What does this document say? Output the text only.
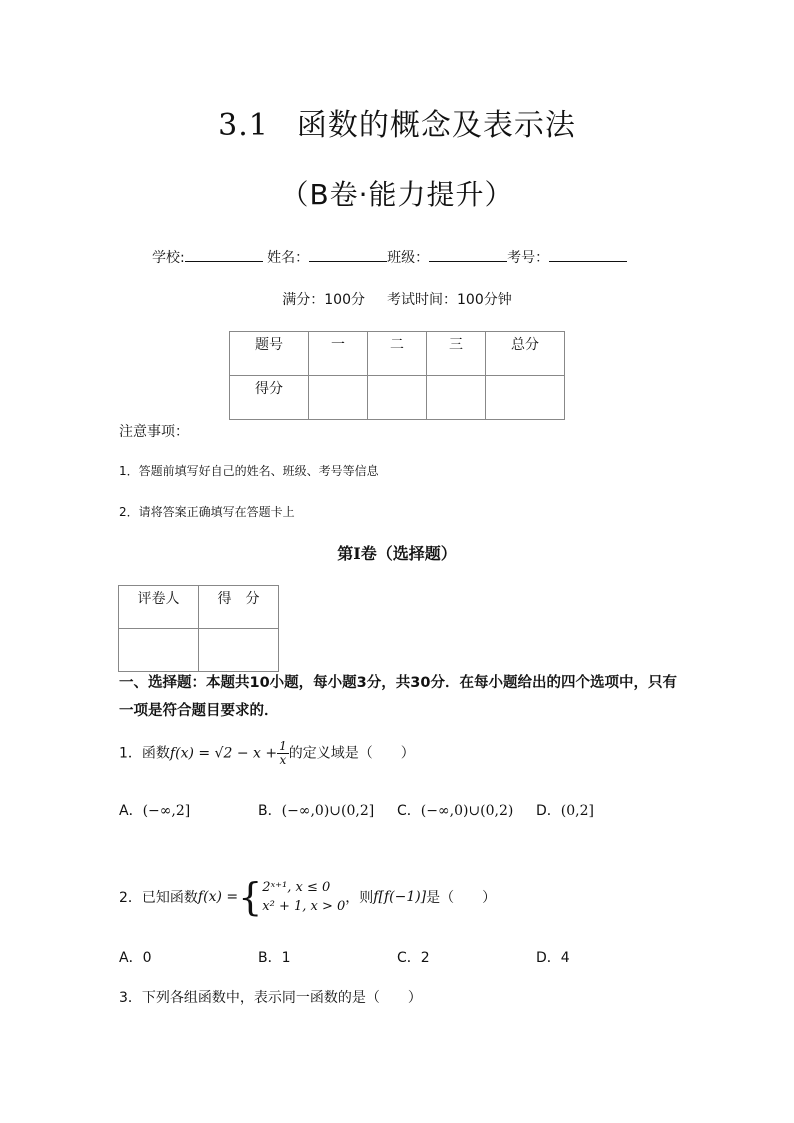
3.1 函数的概念及表示法
（B卷·能力提升）
学校:	姓名：	班级：	考号：
满分：100分 考试时间：100分钟
题号	一	二	三	总分
得分				
注意事项：
1．答题前填写好自己的姓名、班级、考号等信息
2．请将答案正确填写在答题卡上
第Ⅰ卷（选择题）
评卷人	得　分

一、选择题：本题共10小题，每小题3分，共30分．在每小题给出的四个选项中，只有一项是符合题目要求的．
1．函数$f(x) = √2 - x + \frac{1}{x}$ 的定义域是（　　）
A．(−∞,2]	B．(−∞,0)∪(0,2] C．(−∞,0)∪(0,2) D．(0,2]
2．已知函数f(x) ={2ˣ⁺¹, x ≤ 0
x² + 1, x > 0，则f[f(−1)]是（　　）
A．0	B．1	C．2	D．4
3．下列各组函数中，表示同一函数的是（　　）
